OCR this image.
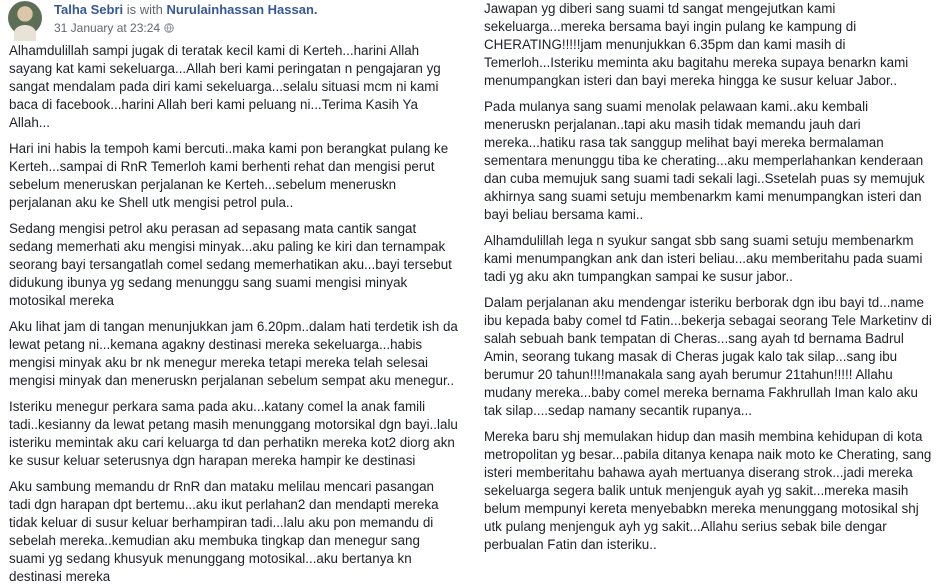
Talha Sebri is with Nurulainhassan Hassan.
31 January at 23:24

Alhamdulillah sampi jugak di teratak kecil kami di Kerteh...harini Allah sayang kat kami sekeluarga...Allah beri kami peringatan n pengajaran yg sangat mendalam pada diri kami sekeluarga...selalu situasi mcm ni kami baca di facebook...harini Allah beri kami peluang ni...Terima Kasih Ya Allah...

Hari ini habis la tempoh kami bercuti..maka kami pon berangkat pulang ke Kerteh...sampai di RnR Temerloh kami berhenti rehat dan mengisi perut sebelum meneruskan perjalanan ke Kerteh...sebelum meneruskn perjalanan aku ke Shell utk mengisi petrol pula..

Sedang mengisi petrol aku perasan ad sepasang mata cantik sangat sedang memerhati aku mengisi minyak...aku paling ke kiri dan ternampak seorang bayi tersangatlah comel sedang memerhatikan aku...bayi tersebut didukung ibunya yg sedang menunggu sang suami mengisi minyak motosikal mereka

Aku lihat jam di tangan menunjukkan jam 6.20pm..dalam hati terdetik ish da lewat petang ni...kemana agakny destinasi mereka sekeluarga...habis mengisi minyak aku br nk menegur mereka tetapi mereka telah selesai mengisi minyak dan meneruskn perjalanan sebelum sempat aku menegur..

Isteriku menegur perkara sama pada aku...katany comel la anak famili tadi..kesianny da lewat petang masih menunggang motorsikal dgn bayi..lalu isteriku memintak aku cari keluarga td dan perhatikn mereka kot2 diorg akn ke susur keluar seterusnya dgn harapan mereka hampir ke destinasi

Aku sambung memandu dr RnR dan mataku melilau mencari pasangan tadi dgn harapan dpt bertemu...aku ikut perlahan2 dan mendapti mereka tidak keluar di susur keluar berhampiran tadi...lalu aku pon memandu di sebelah mereka..kemudian aku membuka tingkap dan menegur sang suami yg sedang khusyuk menunggang motosikal...aku bertanya kn destinasi mereka

Jawapan yg diberi sang suami td sangat mengejutkan kami sekeluarga...mereka bersama bayi ingin pulang ke kampung di CHERATING!!!!!jam menunjukkan 6.35pm dan kami masih di Temerloh...Isteriku meminta aku bagitahu mereka supaya benarkn kami menumpangkan isteri dan bayi mereka hingga ke susur keluar Jabor..

Pada mulanya sang suami menolak pelawaan kami..aku kembali meneruskn perjalanan..tapi aku masih tidak memandu jauh dari mereka...hatiku rasa tak sanggup melihat bayi mereka bermalaman sementara menunggu tiba ke cherating...aku memperlahankan kenderaan dan cuba memujuk sang suami tadi sekali lagi..Ssetelah puas sy memujuk akhirnya sang suami setuju membenarkm kami menumpangkan isteri dan bayi beliau bersama kami..

Alhamdulillah lega n syukur sangat sbb sang suami setuju membenarkm kami menumpangkan ank dan isteri beliau...aku memberitahu pada suami tadi yg aku akn tumpangkan sampai ke susur jabor..

Dalam perjalanan aku mendengar isteriku berborak dgn ibu bayi td...name ibu kepada baby comel td Fatin...bekerja sebagai seorang Tele Marketinv di salah sebuah bank tempatan di Cheras...sang ayah td bernama Badrul Amin, seorang tukang masak di Cheras jugak kalo tak silap...sang ibu berumur 20 tahun!!!!manakala sang ayah berumur 21tahun!!!!! Allahu mudany mereka...baby comel mereka bernama Fakhrullah Iman kalo aku tak silap....sedap namany secantik rupanya...

Mereka baru shj memulakan hidup dan masih membina kehidupan di kota metropolitan yg besar...pabila ditanya kenapa naik moto ke Cherating, sang isteri memberitahu bahawa ayah mertuanya diserang strok...jadi mereka sekeluarga segera balik untuk menjenguk ayah yg sakit...mereka masih belum mempunyi kereta menyebabkn mereka menunggang motosikal shj utk pulang menjenguk ayh yg sakit...Allahu serius sebak bile dengar perbualan Fatin dan isteriku..
